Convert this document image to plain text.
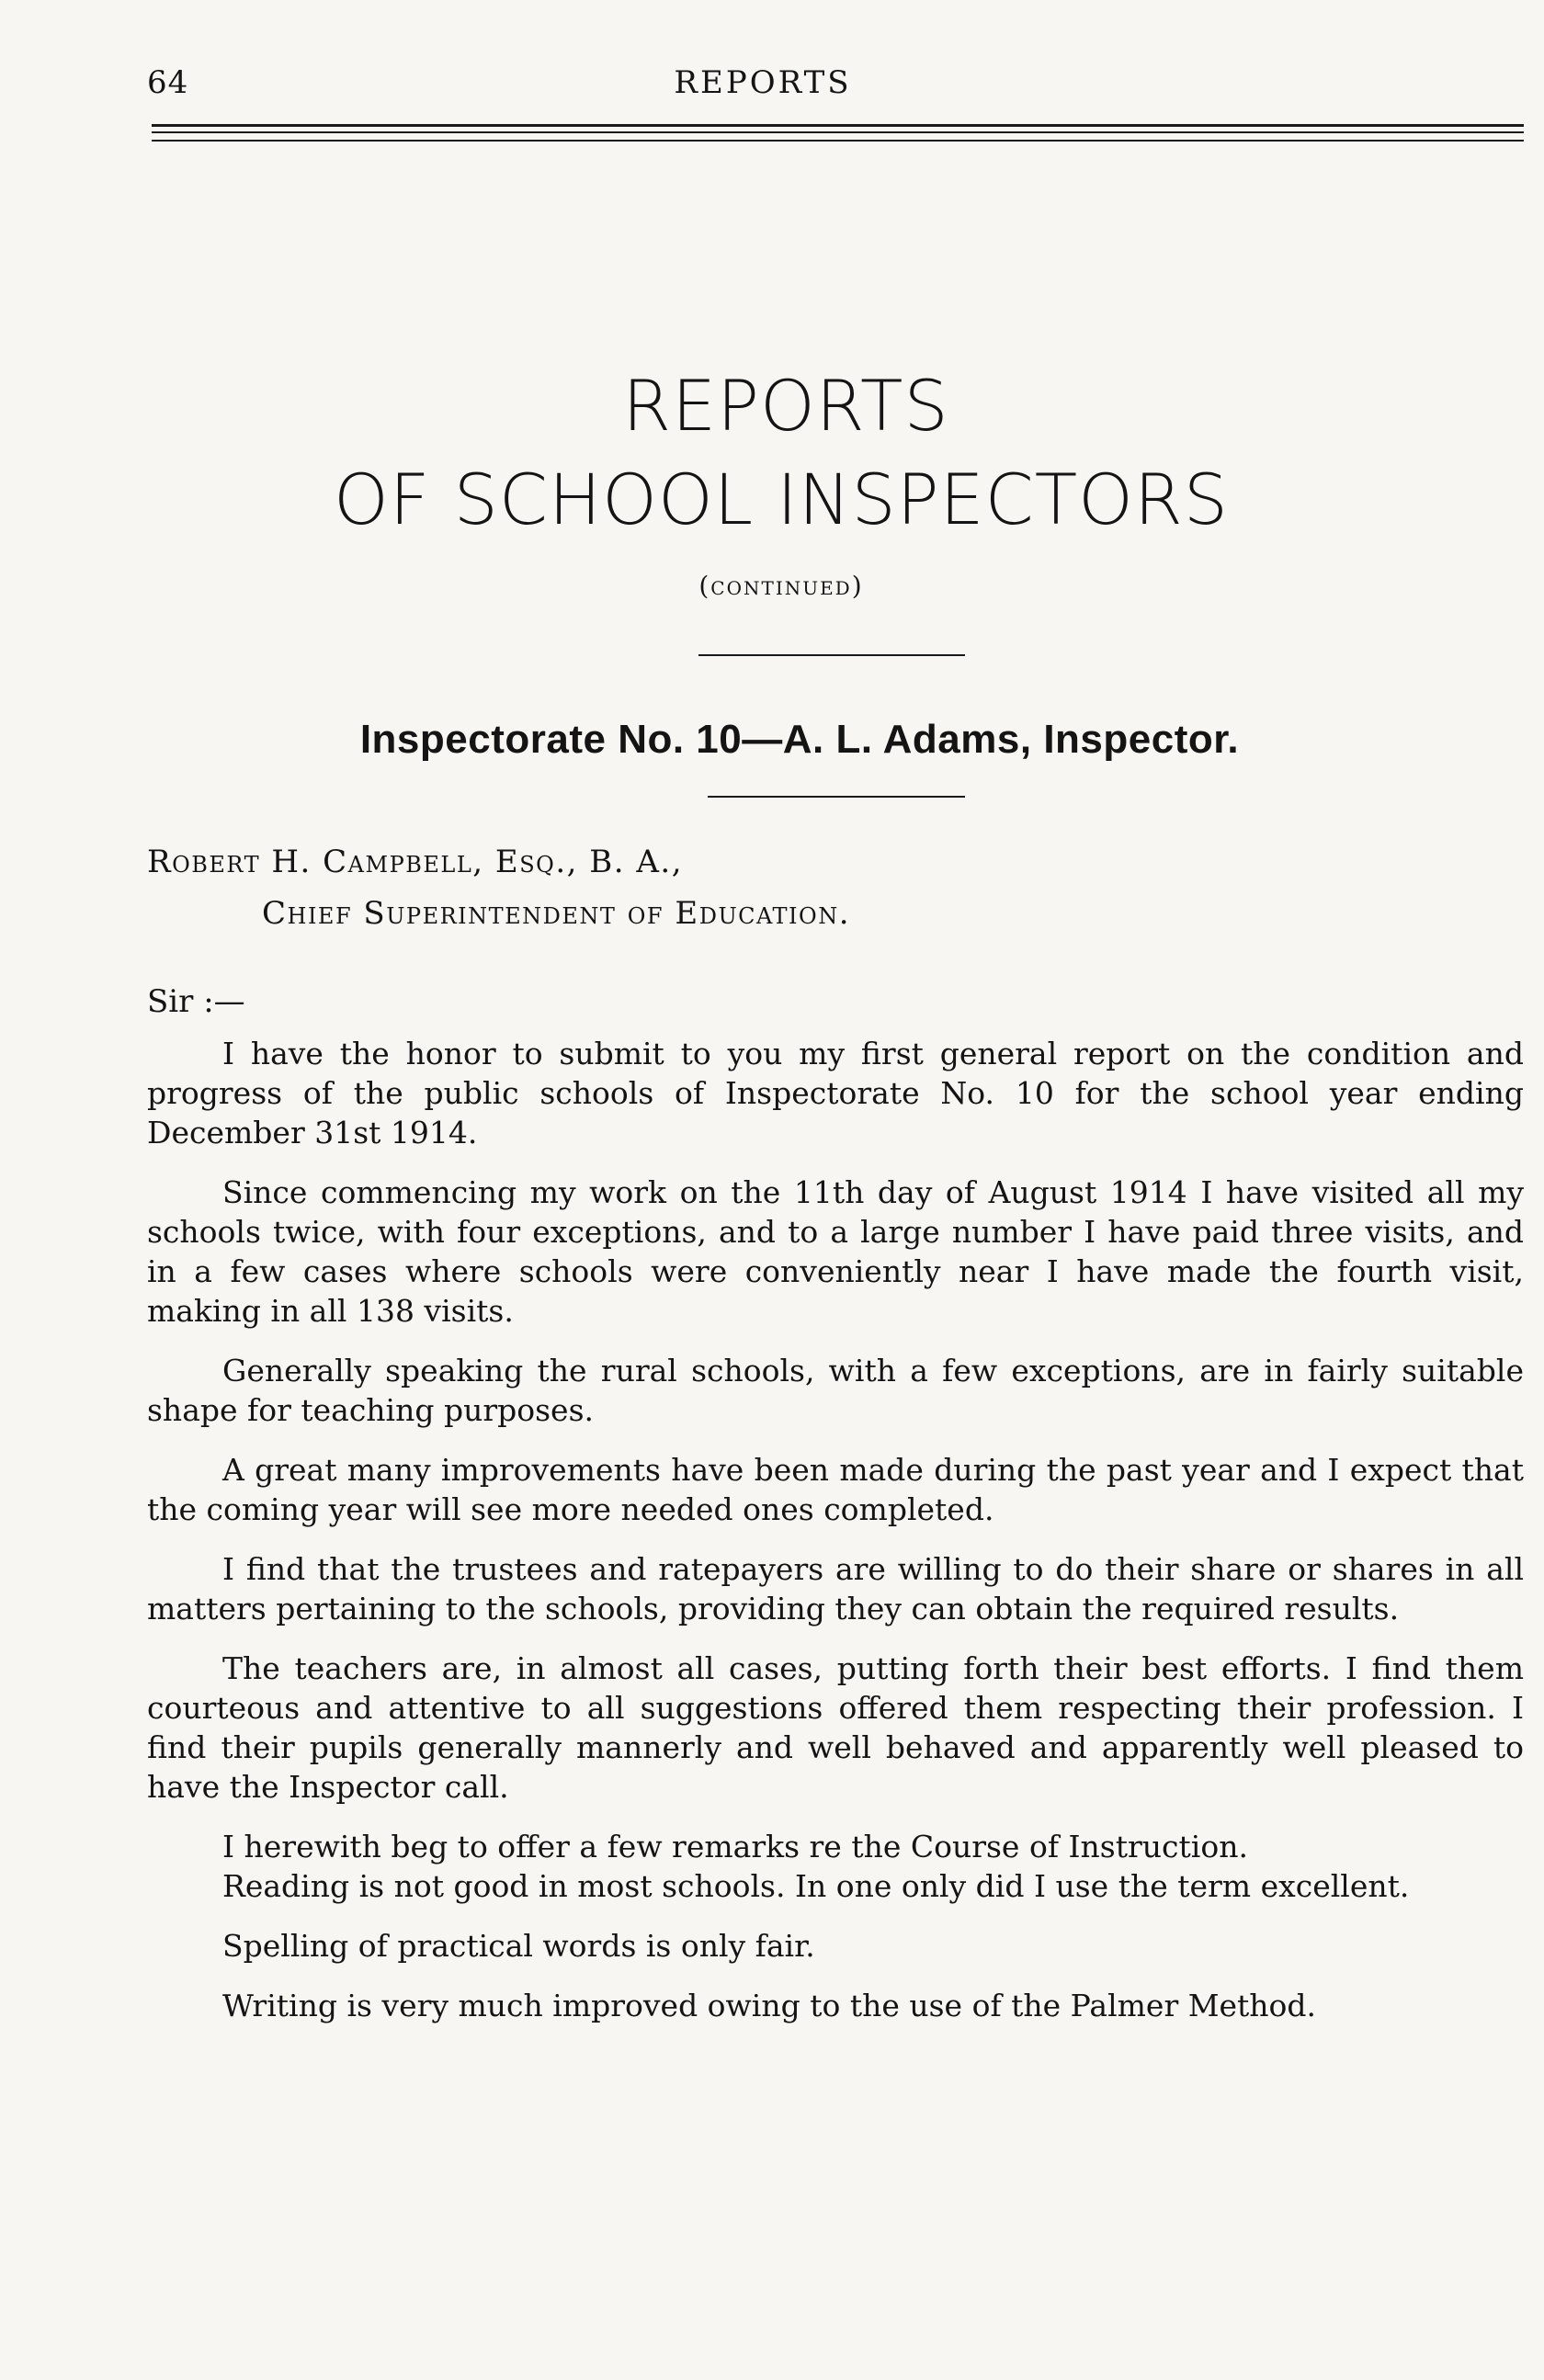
64	REPORTS
REPORTS
OF SCHOOL INSPECTORS
(continued)
Inspectorate No. 10—A. L. Adams, Inspector.
Robert H. Campbell, Esq., B. A.,
Chief Superintendent of Education.
Sir :—

I have the honor to submit to you my first general report on the condition and progress of the public schools of Inspectorate No. 10 for the school year ending December 31st 1914.

Since commencing my work on the 11th day of August 1914 I have visited all my schools twice, with four exceptions, and to a large number I have paid three visits, and in a few cases where schools were conveniently near I have made the fourth visit, making in all 138 visits.

Generally speaking the rural schools, with a few exceptions, are in fairly suitable shape for teaching purposes.

A great many improvements have been made during the past year and I expect that the coming year will see more needed ones completed.

I find that the trustees and ratepayers are willing to do their share or shares in all matters pertaining to the schools, providing they can obtain the required results.

The teachers are, in almost all cases, putting forth their best efforts. I find them courteous and attentive to all suggestions offered them respecting their profession. I find their pupils generally mannerly and well behaved and apparently well pleased to have the Inspector call.

I herewith beg to offer a few remarks re the Course of Instruction.

Reading is not good in most schools. In one only did I use the term excellent.

Spelling of practical words is only fair.

Writing is very much improved owing to the use of the Palmer Method.
